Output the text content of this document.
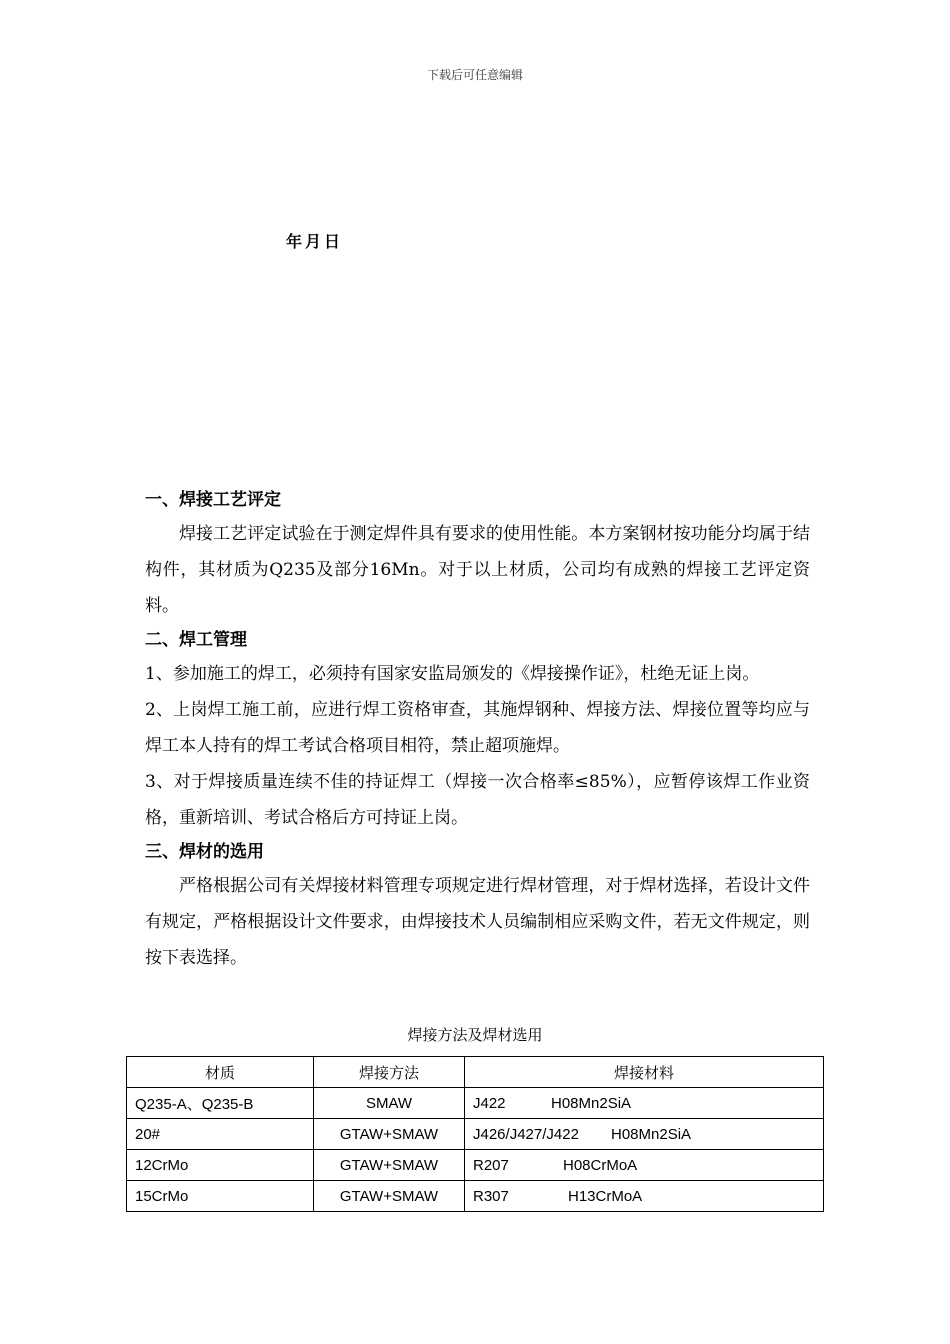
下载后可任意编辑
年月日
一、焊接工艺评定

焊接工艺评定试验在于测定焊件具有要求的使用性能。本方案钢材按功能分均属于结构件，其材质为Q235及部分16Mn。对于以上材质，公司均有成熟的焊接工艺评定资料。

二、焊工管理

1、参加施工的焊工，必须持有国家安监局颁发的《焊接操作证》，杜绝无证上岗。

2、上岗焊工施工前，应进行焊工资格审查，其施焊钢种、焊接方法、焊接位置等均应与焊工本人持有的焊工考试合格项目相符，禁止超项施焊。

3、对于焊接质量连续不佳的持证焊工（焊接一次合格率≤85%），应暂停该焊工作业资格，重新培训、考试合格后方可持证上岗。

三、焊材的选用

严格根据公司有关焊接材料管理专项规定进行焊材管理，对于焊材选择，若设计文件有规定，严格根据设计文件要求，由焊接技术人员编制相应采购文件，若无文件规定，则按下表选择。

焊接方法及焊材选用
材质	焊接方法	焊接材料
Q235-A、Q235-B	SMAW	J422 H08Mn2SiA
20#	GTAW+SMAW	J426/J427/J422 H08Mn2SiA
12CrMo	GTAW+SMAW	R207 H08CrMoA
15CrMo	GTAW+SMAW	R307 H13CrMoA
